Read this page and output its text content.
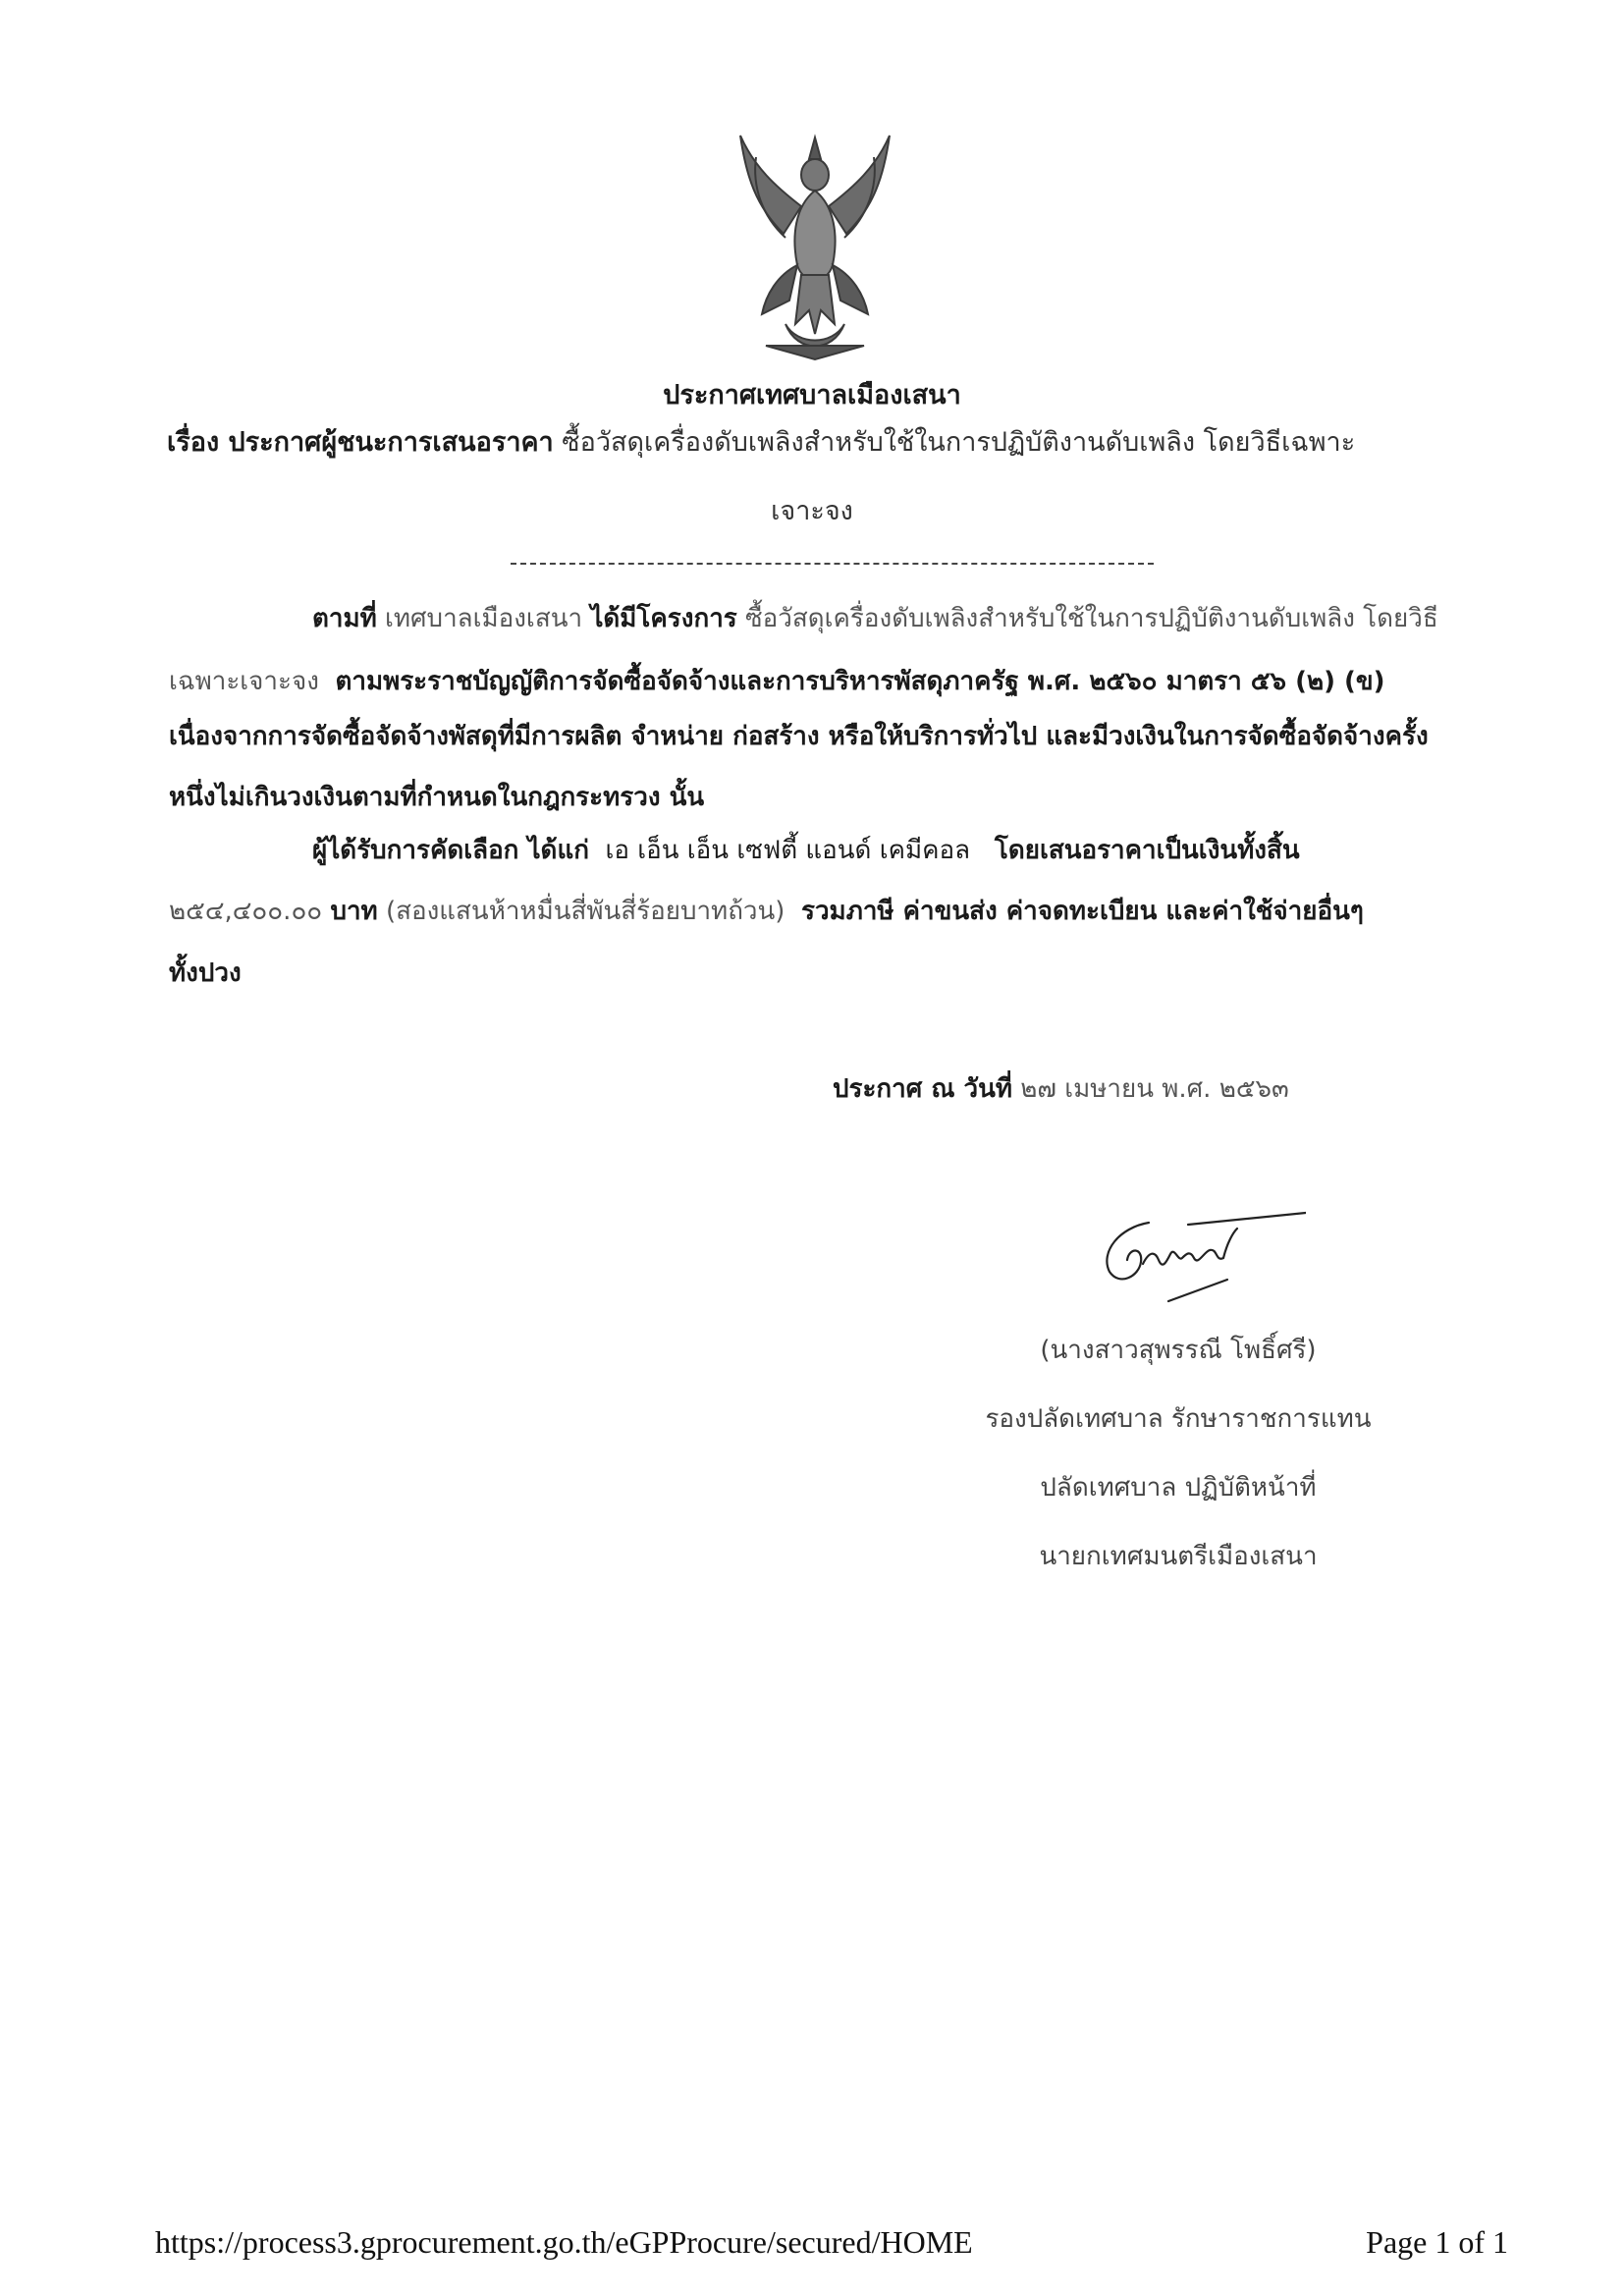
ประกาศเทศบาลเมืองเสนา
เรื่อง ประกาศผู้ชนะการเสนอราคา ซื้อวัสดุเครื่องดับเพลิงสำหรับใช้ในการปฏิบัติงานดับเพลิง โดยวิธีเฉพาะ
เจาะจง
ตามที่ เทศบาลเมืองเสนา ได้มีโครงการ ซื้อวัสดุเครื่องดับเพลิงสำหรับใช้ในการปฏิบัติงานดับเพลิง โดยวิธี
เฉพาะเจาะจง ตามพระราชบัญญัติการจัดซื้อจัดจ้างและการบริหารพัสดุภาครัฐ พ.ศ. ๒๕๖๐ มาตรา ๕๖ (๒) (ข)
เนื่องจากการจัดซื้อจัดจ้างพัสดุที่มีการผลิต จำหน่าย ก่อสร้าง หรือให้บริการทั่วไป และมีวงเงินในการจัดซื้อจัดจ้างครั้ง
หนึ่งไม่เกินวงเงินตามที่กำหนดในกฎกระทรวง นั้น
ผู้ได้รับการคัดเลือก ได้แก่ เอ เอ็น เอ็น เซฟตี้ แอนด์ เคมีคอล โดยเสนอราคาเป็นเงินทั้งสิ้น
๒๕๔,๔๐๐.๐๐ บาท (สองแสนห้าหมื่นสี่พันสี่ร้อยบาทถ้วน) รวมภาษี ค่าขนส่ง ค่าจดทะเบียน และค่าใช้จ่ายอื่นๆ
ทั้งปวง
ประกาศ ณ วันที่ ๒๗ เมษายน พ.ศ. ๒๕๖๓
(นางสาวสุพรรณี โพธิ์ศรี)
รองปลัดเทศบาล รักษาราชการแทน
ปลัดเทศบาล ปฏิบัติหน้าที่
นายกเทศมนตรีเมืองเสนา
https://process3.gprocurement.go.th/eGPProcure/secured/HOME	Page 1 of 1
